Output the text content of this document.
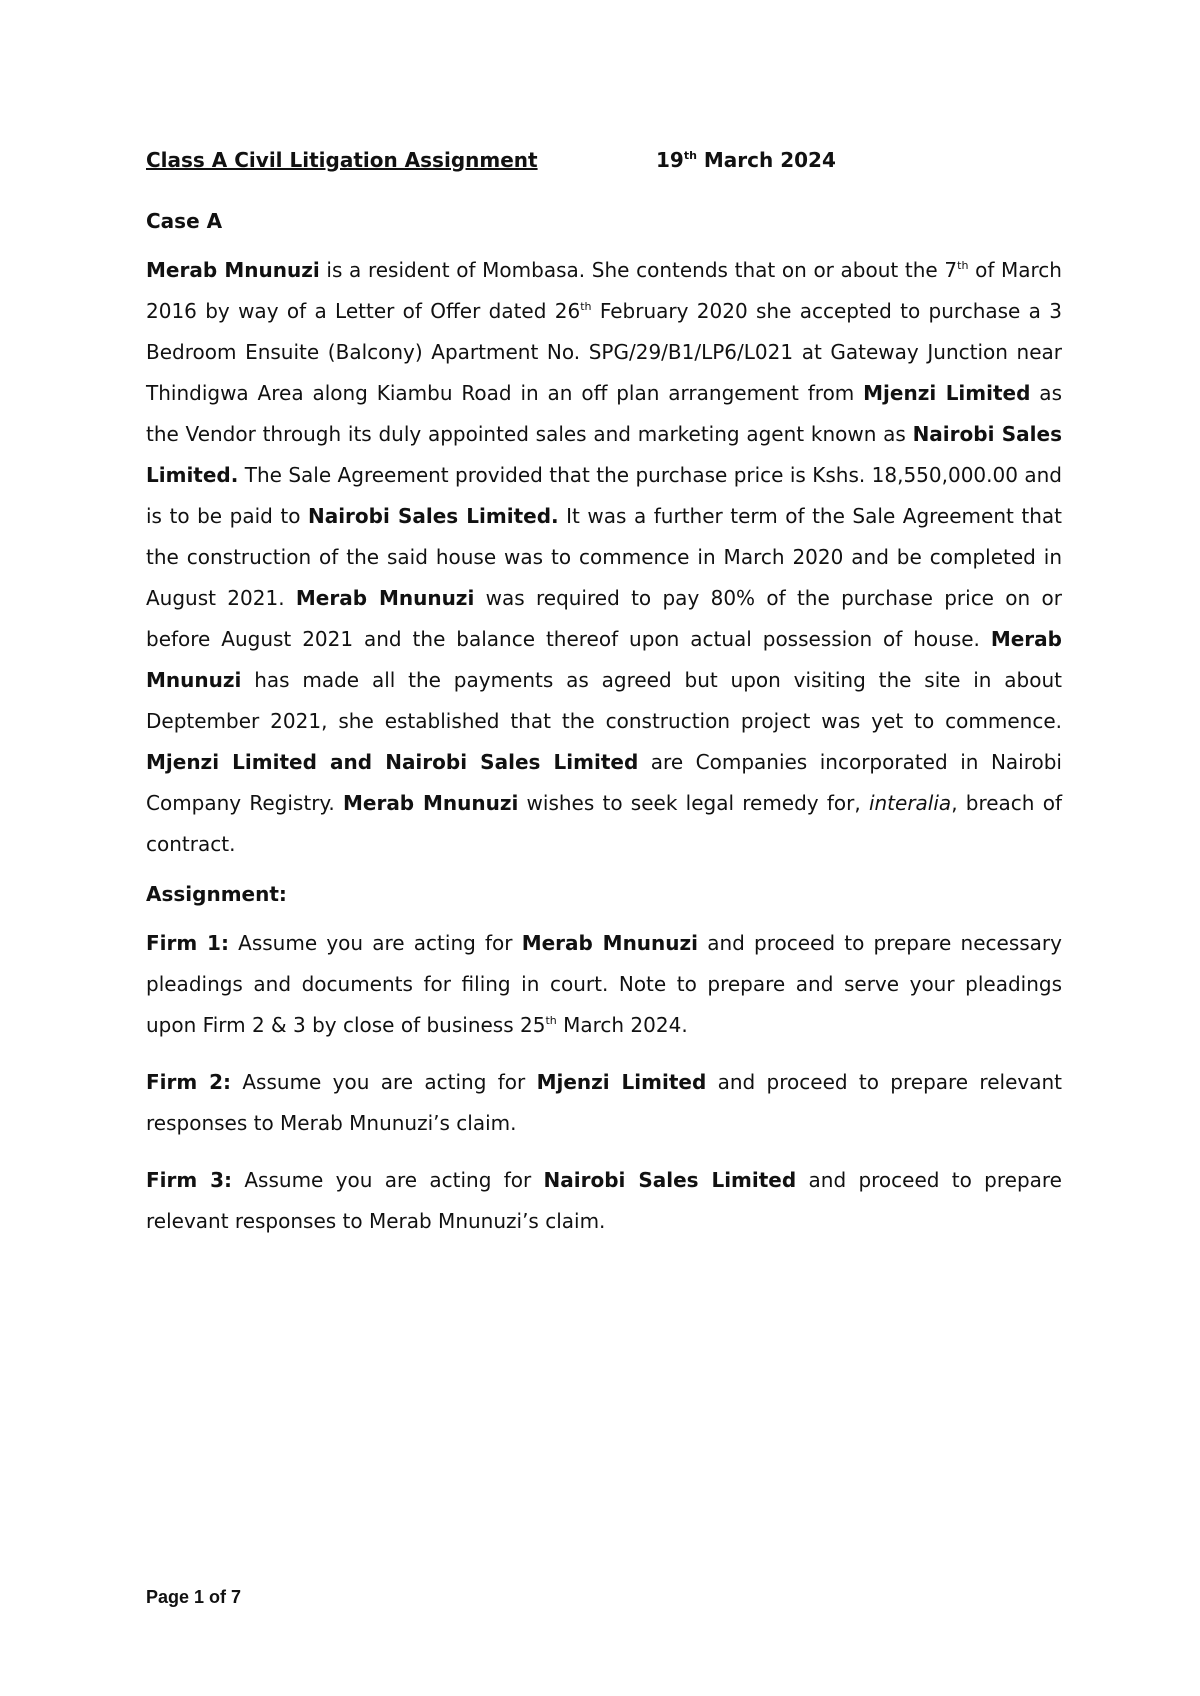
Class A Civil Litigation Assignment	19th March 2024
Case A

Merab Mnunuzi is a resident of Mombasa. She contends that on or about the 7th of March 2016 by way of a Letter of Offer dated 26th February 2020 she accepted to purchase a 3 Bedroom Ensuite (Balcony) Apartment No. SPG/29/B1/LP6/L021 at Gateway Junction near Thindigwa Area along Kiambu Road in an off plan arrangement from Mjenzi Limited as the Vendor through its duly appointed sales and marketing agent known as Nairobi Sales Limited. The Sale Agreement provided that the purchase price is Kshs. 18,550,000.00 and is to be paid to Nairobi Sales Limited. It was a further term of the Sale Agreement that the construction of the said house was to commence in March 2020 and be completed in August 2021. Merab Mnunuzi was required to pay 80% of the purchase price on or before August 2021 and the balance thereof upon actual possession of house. Merab Mnunuzi has made all the payments as agreed but upon visiting the site in about Deptember 2021, she established that the construction project was yet to commence. Mjenzi Limited and Nairobi Sales Limited are Companies incorporated in Nairobi Company Registry. Merab Mnunuzi wishes to seek legal remedy for, interalia, breach of contract.

Assignment:

Firm 1: Assume you are acting for Merab Mnunuzi and proceed to prepare necessary pleadings and documents for filing in court. Note to prepare and serve your pleadings upon Firm 2 & 3 by close of business 25th March 2024.

Firm 2: Assume you are acting for Mjenzi Limited and proceed to prepare relevant responses to Merab Mnunuzi’s claim.

Firm 3: Assume you are acting for Nairobi Sales Limited and proceed to prepare relevant responses to Merab Mnunuzi’s claim.

Page 1 of 7
